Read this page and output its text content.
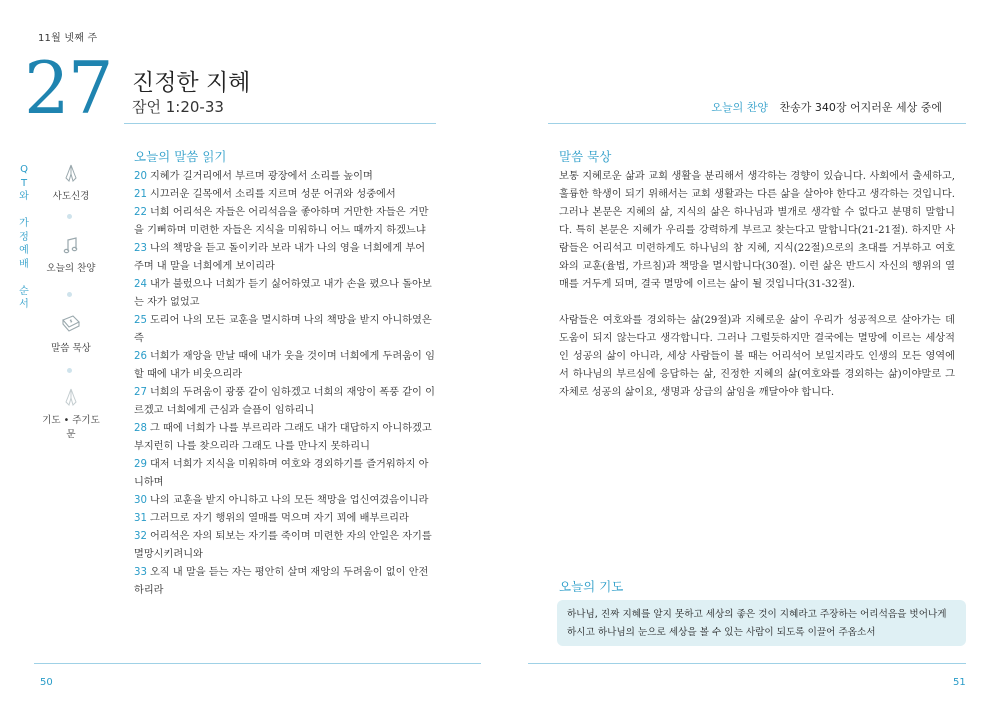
11월 넷째 주
27 진정한 지혜
잠언 1:20-33	오늘의 찬양 찬송가 340장 어지러운 세상 중에
Q
T
와

가
정
예
배

순
서
사도신경
오늘의 찬양
말씀 묵상
기도 • 주기도문
오늘의 말씀 읽기

20 지혜가 길거리에서 부르며 광장에서 소리를 높이며

21 시끄러운 길목에서 소리를 지르며 성문 어귀와 성중에서

22 너희 어리석은 자들은 어리석음을 좋아하며 거만한 자들은 거만을 기뻐하며 미련한 자들은 지식을 미워하니 어느 때까지 하겠느냐

23 나의 책망을 듣고 돌이키라 보라 내가 나의 영을 너희에게 부어 주며 내 말을 너희에게 보이리라

24 내가 불렀으나 너희가 듣기 싫어하였고 내가 손을 폈으나 돌아보는 자가 없었고

25 도리어 나의 모든 교훈을 멸시하며 나의 책망을 받지 아니하였은즉

26 너희가 재앙을 만날 때에 내가 웃을 것이며 너희에게 두려움이 임할 때에 내가 비웃으리라

27 너희의 두려움이 광풍 같이 임하겠고 너희의 재앙이 폭풍 같이 이르겠고 너희에게 근심과 슬픔이 임하리니

28 그 때에 너희가 나를 부르리라 그래도 내가 대답하지 아니하겠고 부지런히 나를 찾으리라 그래도 나를 만나지 못하리니

29 대저 너희가 지식을 미워하며 여호와 경외하기를 즐거워하지 아니하며

30 나의 교훈을 받지 아니하고 나의 모든 책망을 업신여겼음이니라

31 그러므로 자기 행위의 열매를 먹으며 자기 꾀에 배부르리라

32 어리석은 자의 퇴보는 자기를 죽이며 미련한 자의 안일은 자기를 멸망시키려니와

33 오직 내 말을 듣는 자는 평안히 살며 재앙의 두려움이 없이 안전하리라

말씀 묵상

보통 지혜로운 삶과 교회 생활을 분리해서 생각하는 경향이 있습니다. 사회에서 출세하고, 훌륭한 학생이 되기 위해서는 교회 생활과는 다른 삶을 살아야 한다고 생각하는 것입니다. 그러나 본문은 지혜의 삶, 지식의 삶은 하나님과 별개로 생각할 수 없다고 분명히 말합니다. 특히 본문은 지혜가 우리를 강력하게 부르고 찾는다고 말합니다(21-21절). 하지만 사람들은 어리석고 미련하게도 하나님의 참 지혜, 지식(22절)으로의 초대를 거부하고 여호와의 교훈(율법, 가르침)과 책망을 멸시합니다(30절). 이런 삶은 반드시 자신의 행위의 열매를 거두게 되며, 결국 멸망에 이르는 삶이 될 것입니다(31-32절).

사람들은 여호와를 경외하는 삶(29절)과 지혜로운 삶이 우리가 성공적으로 살아가는 데 도움이 되지 않는다고 생각합니다. 그러나 그럴듯하지만 결국에는 멸망에 이르는 세상적인 성공의 삶이 아니라, 세상 사람들이 볼 때는 어리석어 보일지라도 인생의 모든 영역에서 하나님의 부르심에 응답하는 삶, 진정한 지혜의 삶(여호와를 경외하는 삶)이야말로 그 자체로 성공의 삶이요, 생명과 상급의 삶임을 깨달아야 합니다.

오늘의 기도
하나님, 진짜 지혜를 알지 못하고 세상의 좋은 것이 지혜라고 주장하는 어리석음을 벗어나게 하시고 하나님의 눈으로 세상을 볼 수 있는 사람이 되도록 이끌어 주옵소서
50	51
